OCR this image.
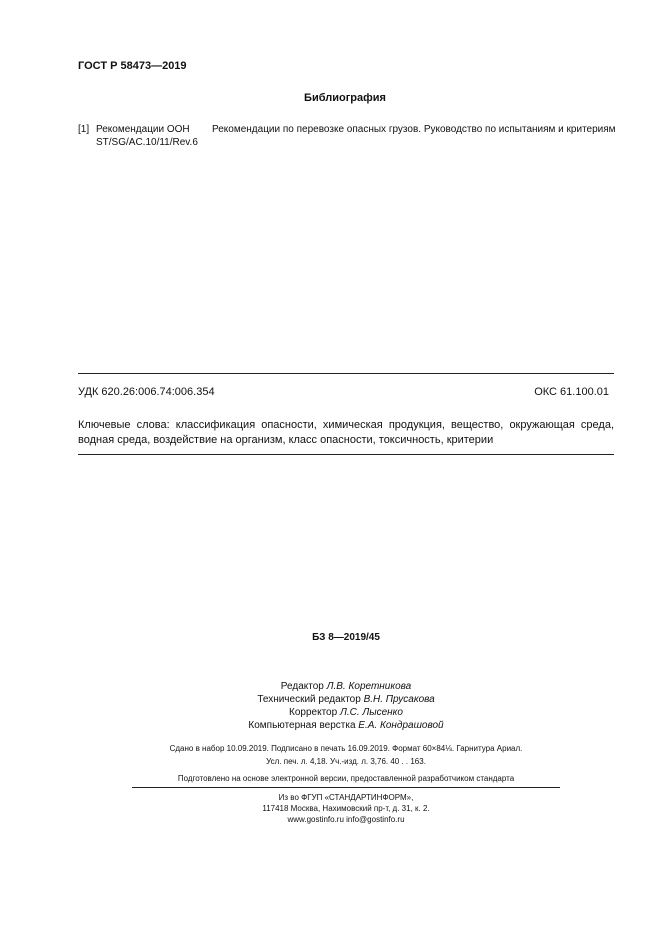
ГОСТ Р 58473—2019
Библиография
[1] Рекомендации ООН
ST/SG/AC.10/11/Rev.6
Рекомендации по перевозке опасных грузов. Руководство по испытаниям и критериям
УДК 620.26:006.74:006.354	ОКС 61.100.01
Ключевые слова: классификация опасности, химическая продукция, вещество, окружающая среда,
водная среда, воздействие на организм, класс опасности, токсичность, критерии
БЗ 8—2019/45
Редактор Л.В. Коретникова
Технический редактор В.Н. Прусакова
Корректор Л.С. Лысенко
Компьютерная верстка Е.А. Кондрашовой
Сдано в набор 10.09.2019. Подписано в печать 16.09.2019. Формат 60×84⅛. Гарнитура Ариал.
Усл. печ. л. 4,18. Уч.-изд. л. 3,76. 40 . . 163.
Подготовлено на основе электронной версии, предоставленной разработчиком стандарта
Из во ФГУП «СТАНДАРТИНФОРМ»,
117418 Москва, Нахимовский пр-т, д. 31, к. 2.
www.gostinfo.ru info@gostinfo.ru
